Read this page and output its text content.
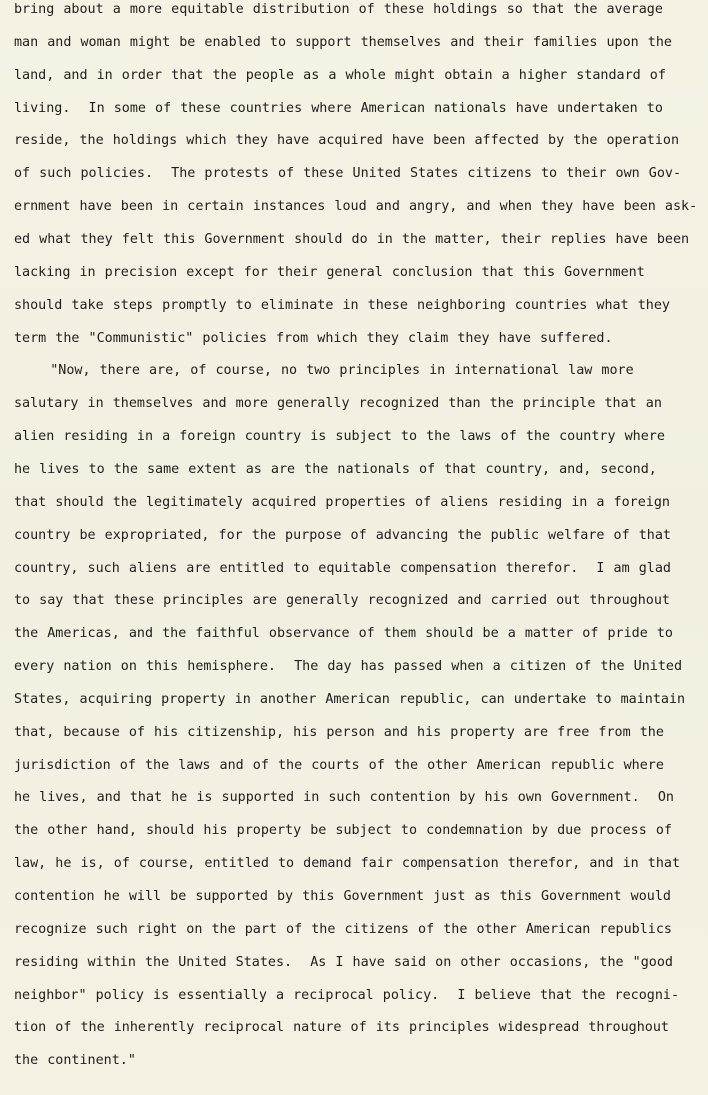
bring about a more equitable distribution of these holdings so that the average
man and woman might be enabled to support themselves and their families upon the
land, and in order that the people as a whole might obtain a higher standard of
living.  In some of these countries where American nationals have undertaken to
reside, the holdings which they have acquired have been affected by the operation
of such policies.  The protests of these United States citizens to their own Gov-
ernment have been in certain instances loud and angry, and when they have been ask-
ed what they felt this Government should do in the matter, their replies have been
lacking in precision except for their general conclusion that this Government
should take steps promptly to eliminate in these neighboring countries what they
term the "Communistic" policies from which they claim they have suffered.
"Now, there are, of course, no two principles in international law more
salutary in themselves and more generally recognized than the principle that an
alien residing in a foreign country is subject to the laws of the country where
he lives to the same extent as are the nationals of that country, and, second,
that should the legitimately acquired properties of aliens residing in a foreign
country be expropriated, for the purpose of advancing the public welfare of that
country, such aliens are entitled to equitable compensation therefor.  I am glad
to say that these principles are generally recognized and carried out throughout
the Americas, and the faithful observance of them should be a matter of pride to
every nation on this hemisphere.  The day has passed when a citizen of the United
States, acquiring property in another American republic, can undertake to maintain
that, because of his citizenship, his person and his property are free from the
jurisdiction of the laws and of the courts of the other American republic where
he lives, and that he is supported in such contention by his own Government.  On
the other hand, should his property be subject to condemnation by due process of
law, he is, of course, entitled to demand fair compensation therefor, and in that
contention he will be supported by this Government just as this Government would
recognize such right on the part of the citizens of the other American republics
residing within the United States.  As I have said on other occasions, the "good
neighbor" policy is essentially a reciprocal policy.  I believe that the recogni-
tion of the inherently reciprocal nature of its principles widespread throughout
the continent."
